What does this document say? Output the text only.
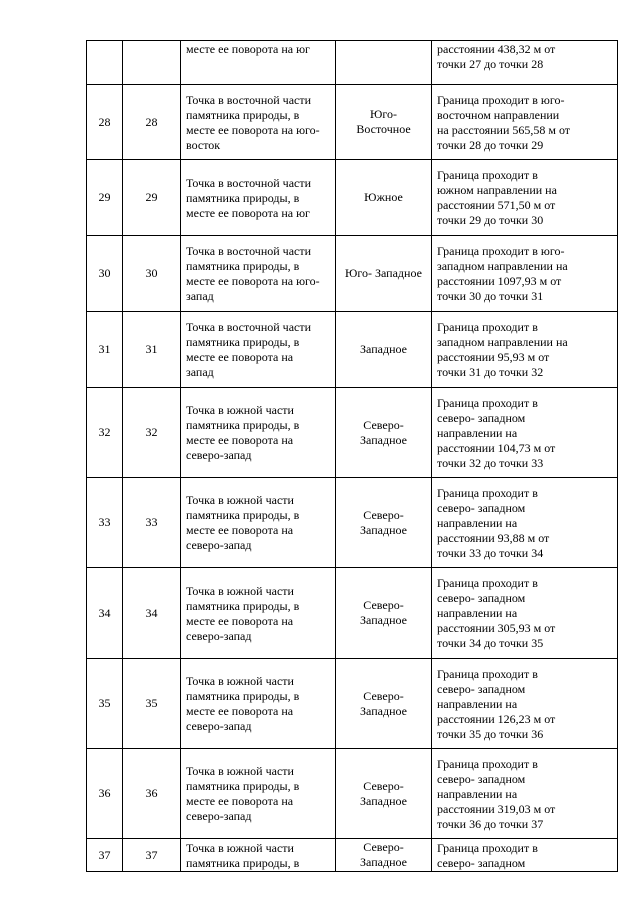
		месте ее поворота на юг		расстоянии 438,32 м от
точки 27 до точки 28

28	28	Точка в восточной части
памятника природы, в
месте ее поворота на юго-
восток	Юго-
Восточное	Граница проходит в юго-
восточном направлении
на расстоянии 565,58 м от
точки 28 до точки 29

29	29	Точка в восточной части
памятника природы, в
месте ее поворота на юг	Южное	Граница проходит в
южном направлении на
расстоянии 571,50 м от
точки 29 до точки 30

30	30	Точка в восточной части
памятника природы, в
месте ее поворота на юго-
запад	Юго- Западное	Граница проходит в юго-
западном направлении на
расстоянии 1097,93 м от
точки 30 до точки 31

31	31	Точка в восточной части
памятника природы, в
месте ее поворота на
запад	Западное	Граница проходит в
западном направлении на
расстоянии 95,93 м от
точки 31 до точки 32

32	32	Точка в южной части
памятника природы, в
месте ее поворота на
северо-запад	Северо-
Западное	Граница проходит в
северо- западном
направлении на
расстоянии 104,73 м от
точки 32 до точки 33

33	33	Точка в южной части
памятника природы, в
месте ее поворота на
северо-запад	Северо-
Западное	Граница проходит в
северо- западном
направлении на
расстоянии 93,88 м от
точки 33 до точки 34

34	34	Точка в южной части
памятника природы, в
месте ее поворота на
северо-запад	Северо-
Западное	Граница проходит в
северо- западном
направлении на
расстоянии 305,93 м от
точки 34 до точки 35

35	35	Точка в южной части
памятника природы, в
месте ее поворота на
северо-запад	Северо-
Западное	Граница проходит в
северо- западном
направлении на
расстоянии 126,23 м от
точки 35 до точки 36

36	36	Точка в южной части
памятника природы, в
месте ее поворота на
северо-запад	Северо-
Западное	Граница проходит в
северо- западном
направлении на
расстоянии 319,03 м от
точки 36 до точки 37

37	37	Точка в южной части
памятника природы, в	Северо-
Западное	Граница проходит в
северо- западном
